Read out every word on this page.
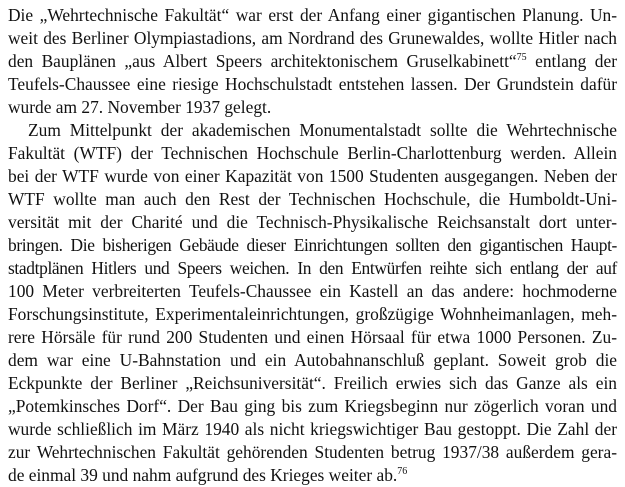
Die „Wehrtechnische Fakultät“ war erst der Anfang einer gigantischen Planung. Un-
weit des Berliner Olympiastadions, am Nordrand des Grunewaldes, wollte Hitler nach
den Bauplänen „aus Albert Speers architektonischem Gruselkabinett“$^{75}$ entlang der
Teufels-Chaussee eine riesige Hochschulstadt entstehen lassen. Der Grundstein dafür
wurde am 27. November 1937 gelegt.

Zum Mittelpunkt der akademischen Monumentalstadt sollte die Wehrtechnische
Fakultät (WTF) der Technischen Hochschule Berlin-Charlottenburg werden. Allein
bei der WTF wurde von einer Kapazität von 1500 Studenten ausgegangen. Neben der
WTF wollte man auch den Rest der Technischen Hochschule, die Humboldt-Uni-
versität mit der Charité und die Technisch-Physikalische Reichsanstalt dort unter-
bringen. Die bisherigen Gebäude dieser Einrichtungen sollten den gigantischen Haupt-
stadtplänen Hitlers und Speers weichen. In den Entwürfen reihte sich entlang der auf
100 Meter verbreiterten Teufels-Chaussee ein Kastell an das andere: hochmoderne
Forschungsinstitute, Experimentaleinrichtungen, großzügige Wohnheimanlagen, meh-
rere Hörsäle für rund 200 Studenten und einen Hörsaal für etwa 1000 Personen. Zu-
dem war eine U-Bahnstation und ein Autobahnanschluß geplant. Soweit grob die
Eckpunkte der Berliner „Reichsuniversität“. Freilich erwies sich das Ganze als ein
„Potemkinsches Dorf“. Der Bau ging bis zum Kriegsbeginn nur zögerlich voran und
wurde schließlich im März 1940 als nicht kriegswichtiger Bau gestoppt. Die Zahl der
zur Wehrtechnischen Fakultät gehörenden Studenten betrug 1937/38 außerdem gera-
de einmal 39 und nahm aufgrund des Krieges weiter ab.$^{76}$
